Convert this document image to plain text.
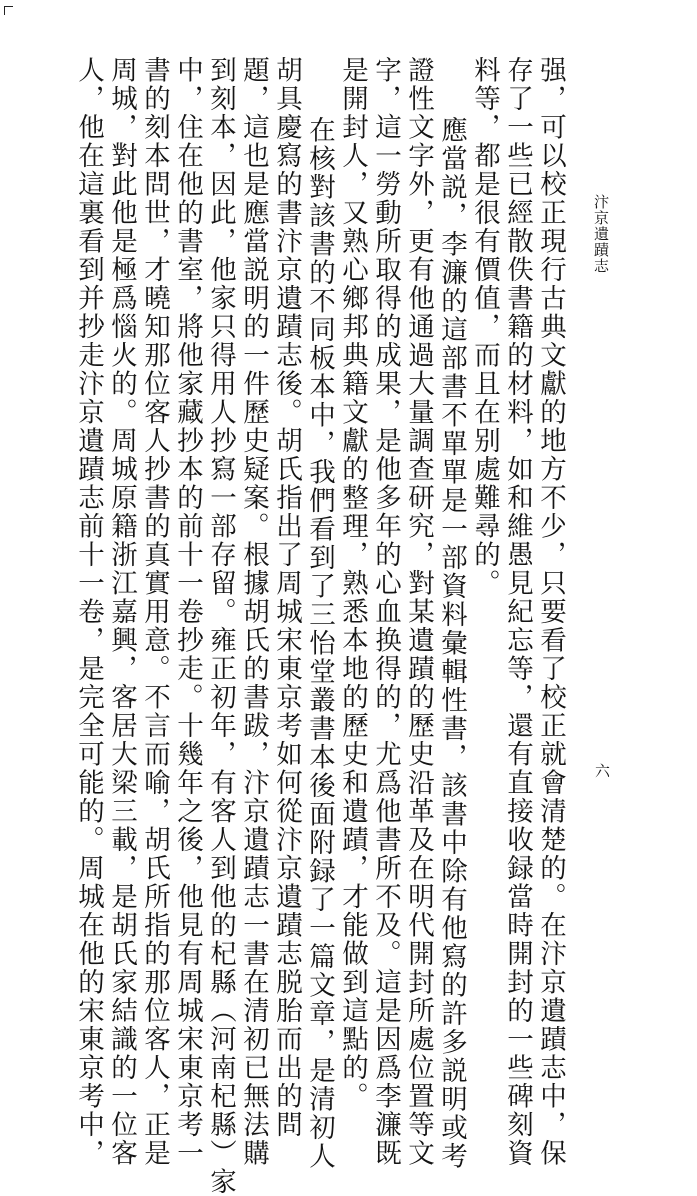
汴京遺蹟志
六
强，可以校正現行古典文獻的地方不少，只要看了校正就會清楚的。在汴京遺蹟志中，保
存了一些已經散佚書籍的材料，如和維愚見紀忘等，還有直接收録當時開封的一些碑刻資
料等，都是很有價值，而且在别處難尋的。
應當説，李濂的這部書不單單是一部資料彙輯性書，該書中除有他寫的許多説明或考
證性文字外，更有他通過大量調查研究，對某遺蹟的歷史沿革及在明代開封所處位置等文
字，這一勞動所取得的成果，是他多年的心血换得的，尤爲他書所不及。這是因爲李濂既
是開封人，又熟心鄉邦典籍文獻的整理，熟悉本地的歷史和遺蹟，才能做到這點的。
在核對該書的不同板本中，我們看到了三怡堂叢書本後面附録了一篇文章，是清初人
胡具慶寫的書汴京遺蹟志後。胡氏指出了周城宋東京考如何從汴京遺蹟志脱胎而出的問
題，這也是應當説明的一件歷史疑案。根據胡氏的書跋，汴京遺蹟志一書在清初已無法購
到刻本，因此，他家只得用人抄寫一部存留。雍正初年，有客人到他的杞縣（河南杞縣）家
中，住在他的書室，將他家藏抄本的前十一卷抄走。十幾年之後，他見有周城宋東京考一
書的刻本問世，才曉知那位客人抄書的真實用意。不言而喻，胡氏所指的那位客人，正是
周城，對此他是極爲惱火的。周城原籍浙江嘉興，客居大梁三載，是胡氏家結識的一位客
人，他在這裏看到并抄走汴京遺蹟志前十一卷，是完全可能的。周城在他的宋東京考中，
